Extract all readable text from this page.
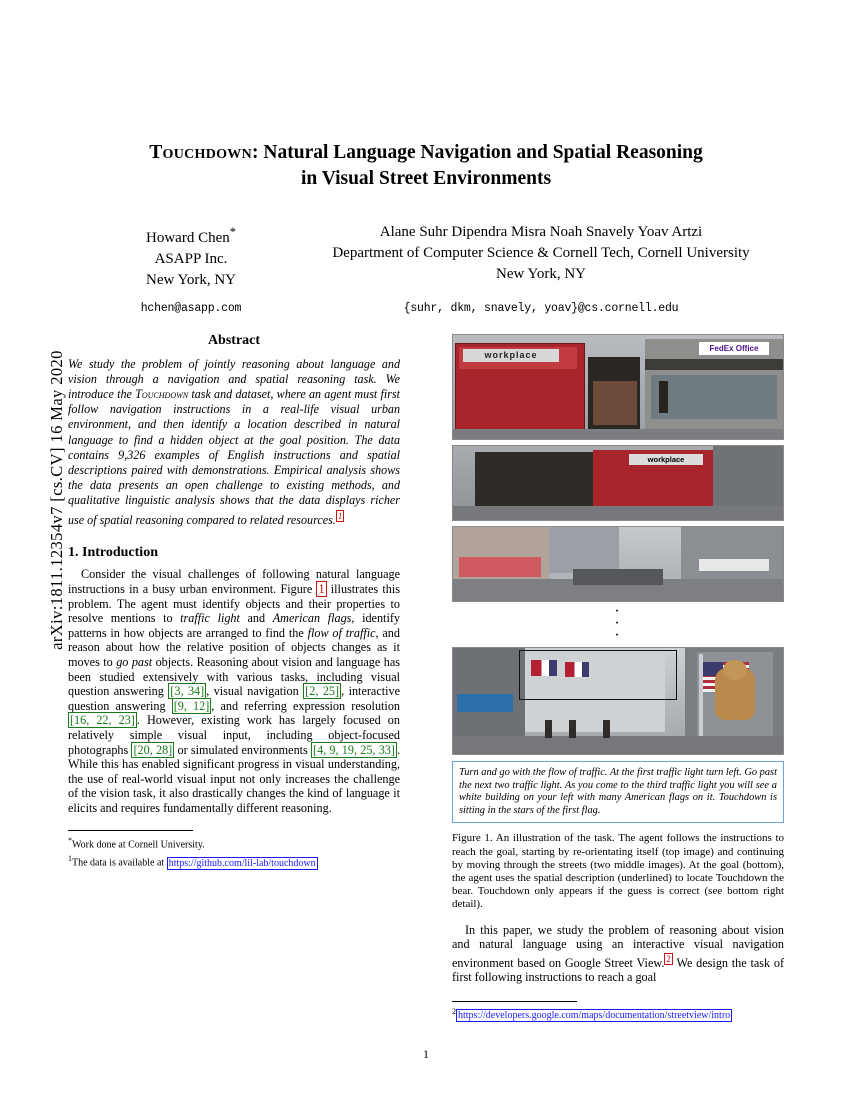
arXiv:1811.12354v7 [cs.CV] 16 May 2020
Touchdown: Natural Language Navigation and Spatial Reasoning
in Visual Street Environments
Howard Chen*
ASAPP Inc.
New York, NY
Alane Suhr Dipendra Misra Noah Snavely Yoav Artzi
Department of Computer Science & Cornell Tech, Cornell University
New York, NY
hchen@asapp.com	{suhr, dkm, snavely, yoav}@cs.cornell.edu
Abstract

We study the problem of jointly reasoning about language and vision through a navigation and spatial reasoning task. We introduce the Touchdown task and dataset, where an agent must first follow navigation instructions in a real-life visual urban environment, and then identify a location described in natural language to find a hidden object at the goal position. The data contains 9,326 examples of English instructions and spatial descriptions paired with demonstrations. Empirical analysis shows the data presents an open challenge to existing methods, and qualitative linguistic analysis shows that the data displays richer use of spatial reasoning compared to related resources. $^1$

1. Introduction

Consider the visual challenges of following natural language instructions in a busy urban environment. Figure 1 illustrates this problem. The agent must identify objects and their properties to resolve mentions to traffic light and American flags, identify patterns in how objects are arranged to find the flow of traffic, and reason about how the relative position of objects changes as it moves to go past objects. Reasoning about vision and language has been studied extensively with various tasks, including visual question answering [3, 34] , visual navigation [2, 25] , interactive question answering [9, 12] , and referring expression resolution [16, 22, 23] . However, existing work has largely focused on relatively simple visual input, including object-focused photographs [20, 28] or simulated environments [4, 9, 19, 25, 33] . While this has enabled significant progress in visual understanding, the use of real-world visual input not only increases the challenge of the vision task, it also drastically changes the kind of language it elicits and requires fundamentally different reasoning.

*Work done at Cornell University.

$^1$The data is available at https://github.com/lil-lab/touchdown

FedEx Office
workplace
workplace
·
·
·
Turn and go with the flow of traffic. At the first traffic light turn left. Go past the next two traffic light. As you come to the third traffic light you will see a white building on your left with many American flags on it. Touchdown is sitting in the stars of the first flag.
Figure 1. An illustration of the task. The agent follows the instructions to reach the goal, starting by re-orientating itself (top image) and continuing by moving through the streets (two middle images). At the goal (bottom), the agent uses the spatial description (underlined) to locate Touchdown the bear. Touchdown only appears if the guess is correct (see bottom right detail).

In this paper, we study the problem of reasoning about vision and natural language using an interactive visual navigation environment based on Google Street View. $^2$ We design the task of first following instructions to reach a goal

$^2$ https://developers.google.com/maps/documentation/streetview/intro

1
